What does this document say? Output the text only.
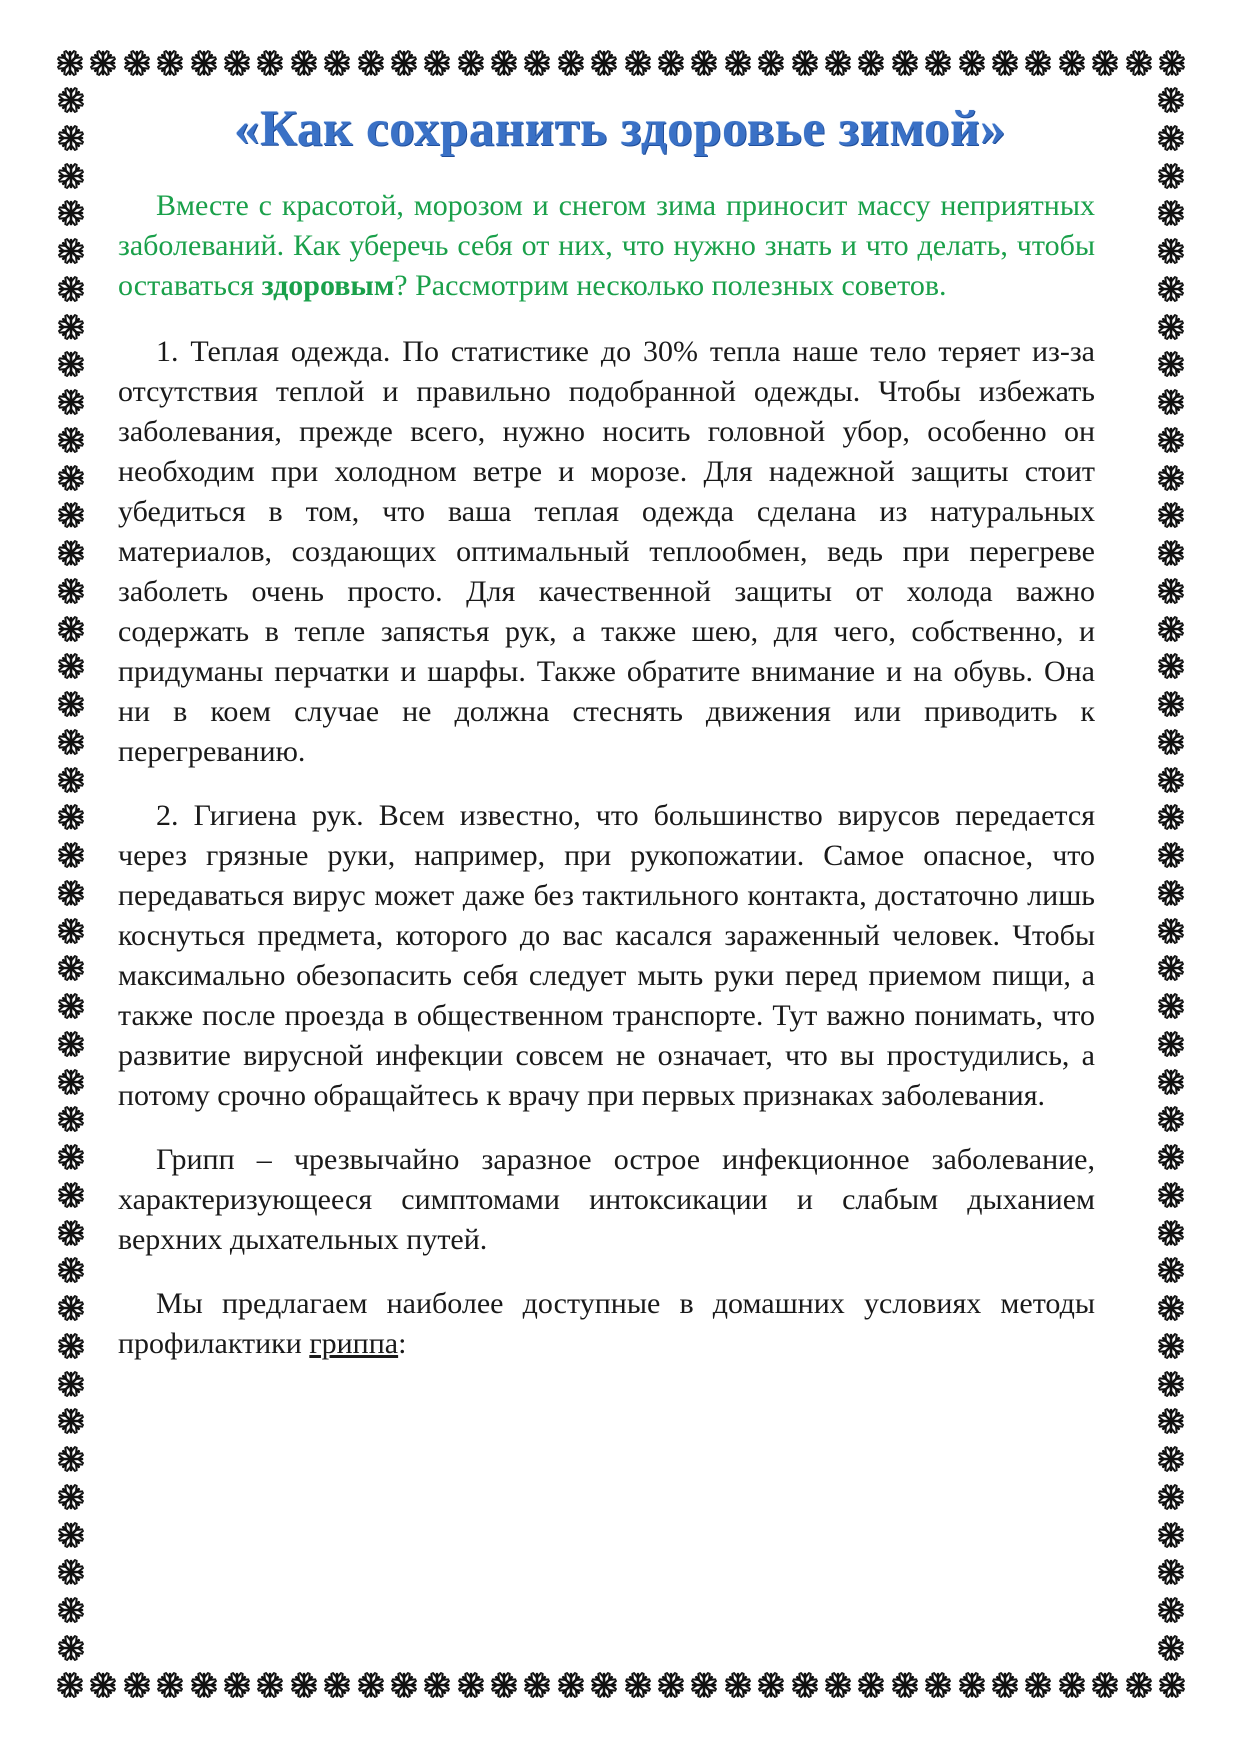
«Как сохранить здоровье зимой»

Вместе с красотой, морозом и снегом зима приносит массу неприятных заболеваний. Как уберечь себя от них, что нужно знать и что делать, чтобы оставаться здоровым? Рассмотрим несколько полезных советов.

1. Теплая одежда. По статистике до 30% тепла наше тело теряет из-за отсутствия теплой и правильно подобранной одежды. Чтобы избежать заболевания, прежде всего, нужно носить головной убор, особенно он необходим при холодном ветре и морозе. Для надежной защиты стоит убедиться в том, что ваша теплая одежда сделана из натуральных материалов, создающих оптимальный теплообмен, ведь при перегреве заболеть очень просто. Для качественной защиты от холода важно содержать в тепле запястья рук, а также шею, для чего, собственно, и придуманы перчатки и шарфы. Также обратите внимание и на обувь. Она ни в коем случае не должна стеснять движения или приводить к перегреванию.

2. Гигиена рук. Всем известно, что большинство вирусов передается через грязные руки, например, при рукопожатии. Самое опасное, что передаваться вирус может даже без тактильного контакта, достаточно лишь коснуться предмета, которого до вас касался зараженный человек. Чтобы максимально обезопасить себя следует мыть руки перед приемом пищи, а также после проезда в общественном транспорте. Тут важно понимать, что развитие вирусной инфекции совсем не означает, что вы простудились, а потому срочно обращайтесь к врачу при первых признаках заболевания.

Грипп – чрезвычайно заразное острое инфекционное заболевание, характеризующееся симптомами интоксикации и слабым дыханием верхних дыхательных путей.

Мы предлагаем наиболее доступные в домашних условиях методы профилактики гриппа:
